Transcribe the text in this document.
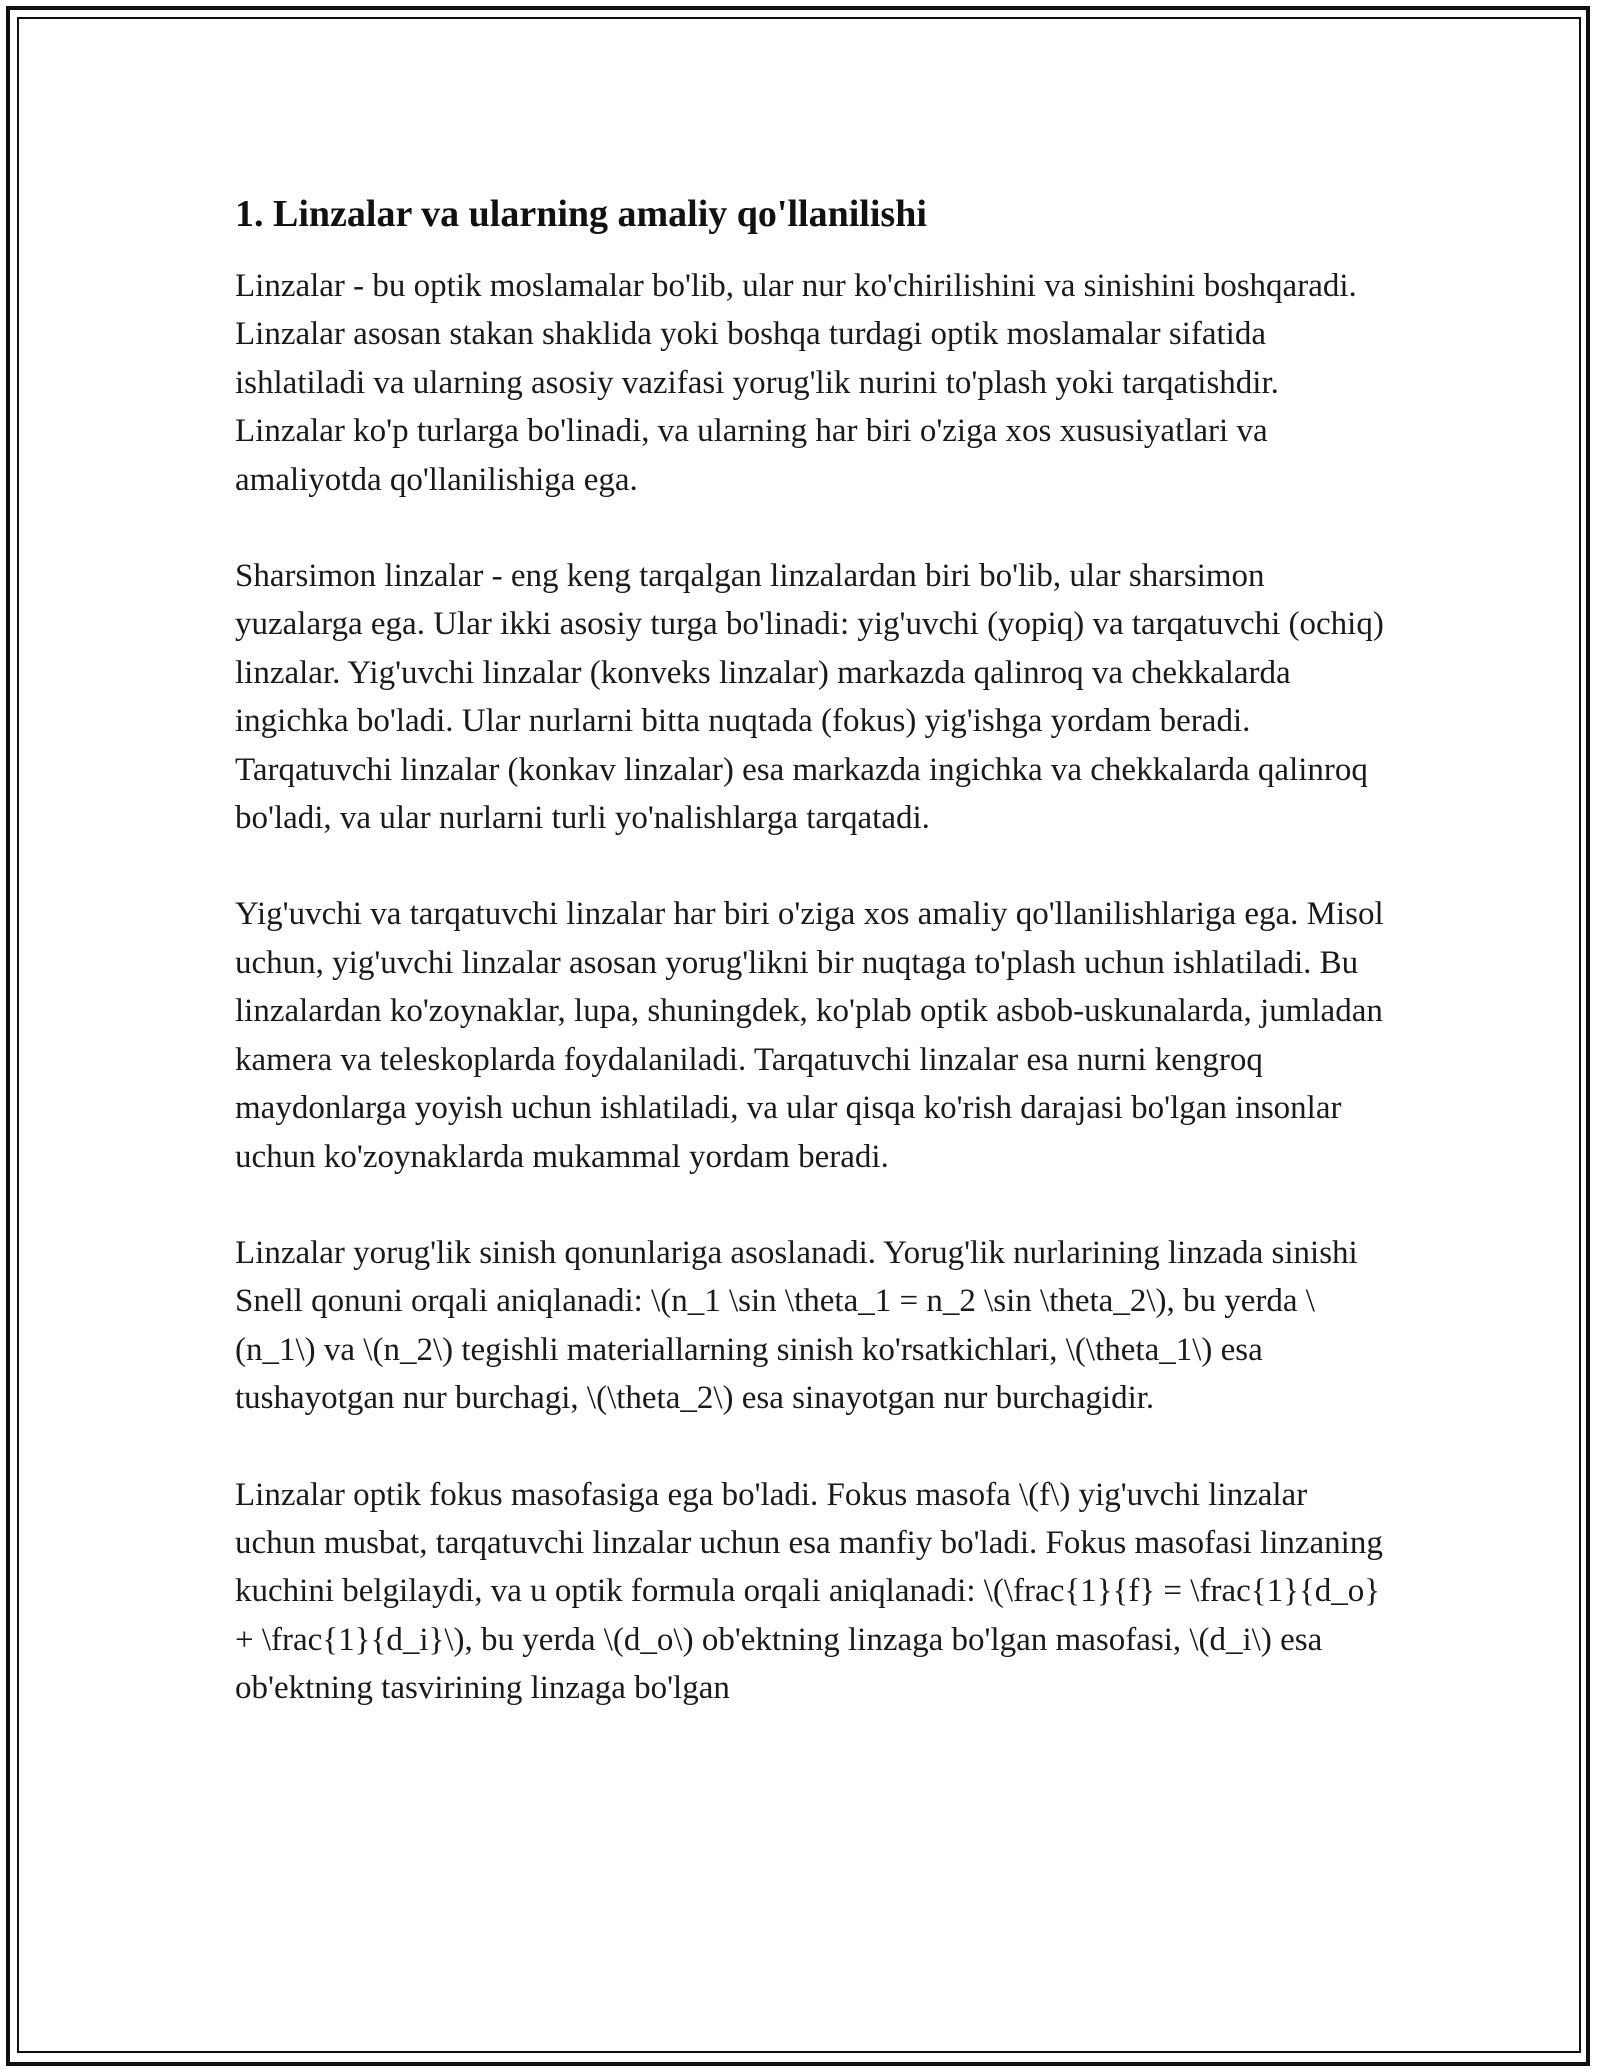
1. Linzalar va ularning amaliy qo'llanilishi

Linzalar - bu optik moslamalar bo'lib, ular nur ko'chirilishini va sinishini boshqaradi. Linzalar asosan stakan shaklida yoki boshqa turdagi optik moslamalar sifatida ishlatiladi va ularning asosiy vazifasi yorug'lik nurini to'plash yoki tarqatishdir. Linzalar ko'p turlarga bo'linadi, va ularning har biri o'ziga xos xususiyatlari va amaliyotda qo'llanilishiga ega.

Sharsimon linzalar - eng keng tarqalgan linzalardan biri bo'lib, ular sharsimon yuzalarga ega. Ular ikki asosiy turga bo'linadi: yig'uvchi (yopiq) va tarqatuvchi (ochiq) linzalar. Yig'uvchi linzalar (konveks linzalar) markazda qalinroq va chekkalarda ingichka bo'ladi. Ular nurlarni bitta nuqtada (fokus) yig'ishga yordam beradi. Tarqatuvchi linzalar (konkav linzalar) esa markazda ingichka va chekkalarda qalinroq bo'ladi, va ular nurlarni turli yo'nalishlarga tarqatadi.

Yig'uvchi va tarqatuvchi linzalar har biri o'ziga xos amaliy qo'llanilishlariga ega. Misol uchun, yig'uvchi linzalar asosan yorug'likni bir nuqtaga to'plash uchun ishlatiladi. Bu linzalardan ko'zoynaklar, lupa, shuningdek, ko'plab optik asbob-uskunalarda, jumladan kamera va teleskoplarda foydalaniladi. Tarqatuvchi linzalar esa nurni kengroq maydonlarga yoyish uchun ishlatiladi, va ular qisqa ko'rish darajasi bo'lgan insonlar uchun ko'zoynaklarda mukammal yordam beradi.

Linzalar yorug'lik sinish qonunlariga asoslanadi. Yorug'lik nurlarining linzada sinishi Snell qonuni orqali aniqlanadi: \(n_1 \sin \theta_1 = n_2 \sin \theta_2\), bu yerda \(n_1\) va \(n_2\) tegishli materiallarning sinish ko'rsatkichlari, \(\theta_1\) esa tushayotgan nur burchagi, \(\theta_2\) esa sinayotgan nur burchagidir.

Linzalar optik fokus masofasiga ega bo'ladi. Fokus masofa \(f\) yig'uvchi linzalar uchun musbat, tarqatuvchi linzalar uchun esa manfiy bo'ladi. Fokus masofasi linzaning kuchini belgilaydi, va u optik formula orqali aniqlanadi: \(\frac{1}{f} = \frac{1}{d_o} + \frac{1}{d_i}\), bu yerda \(d_o\) ob'ektning linzaga bo'lgan masofasi, \(d_i\) esa ob'ektning tasvirining linzaga bo'lgan
